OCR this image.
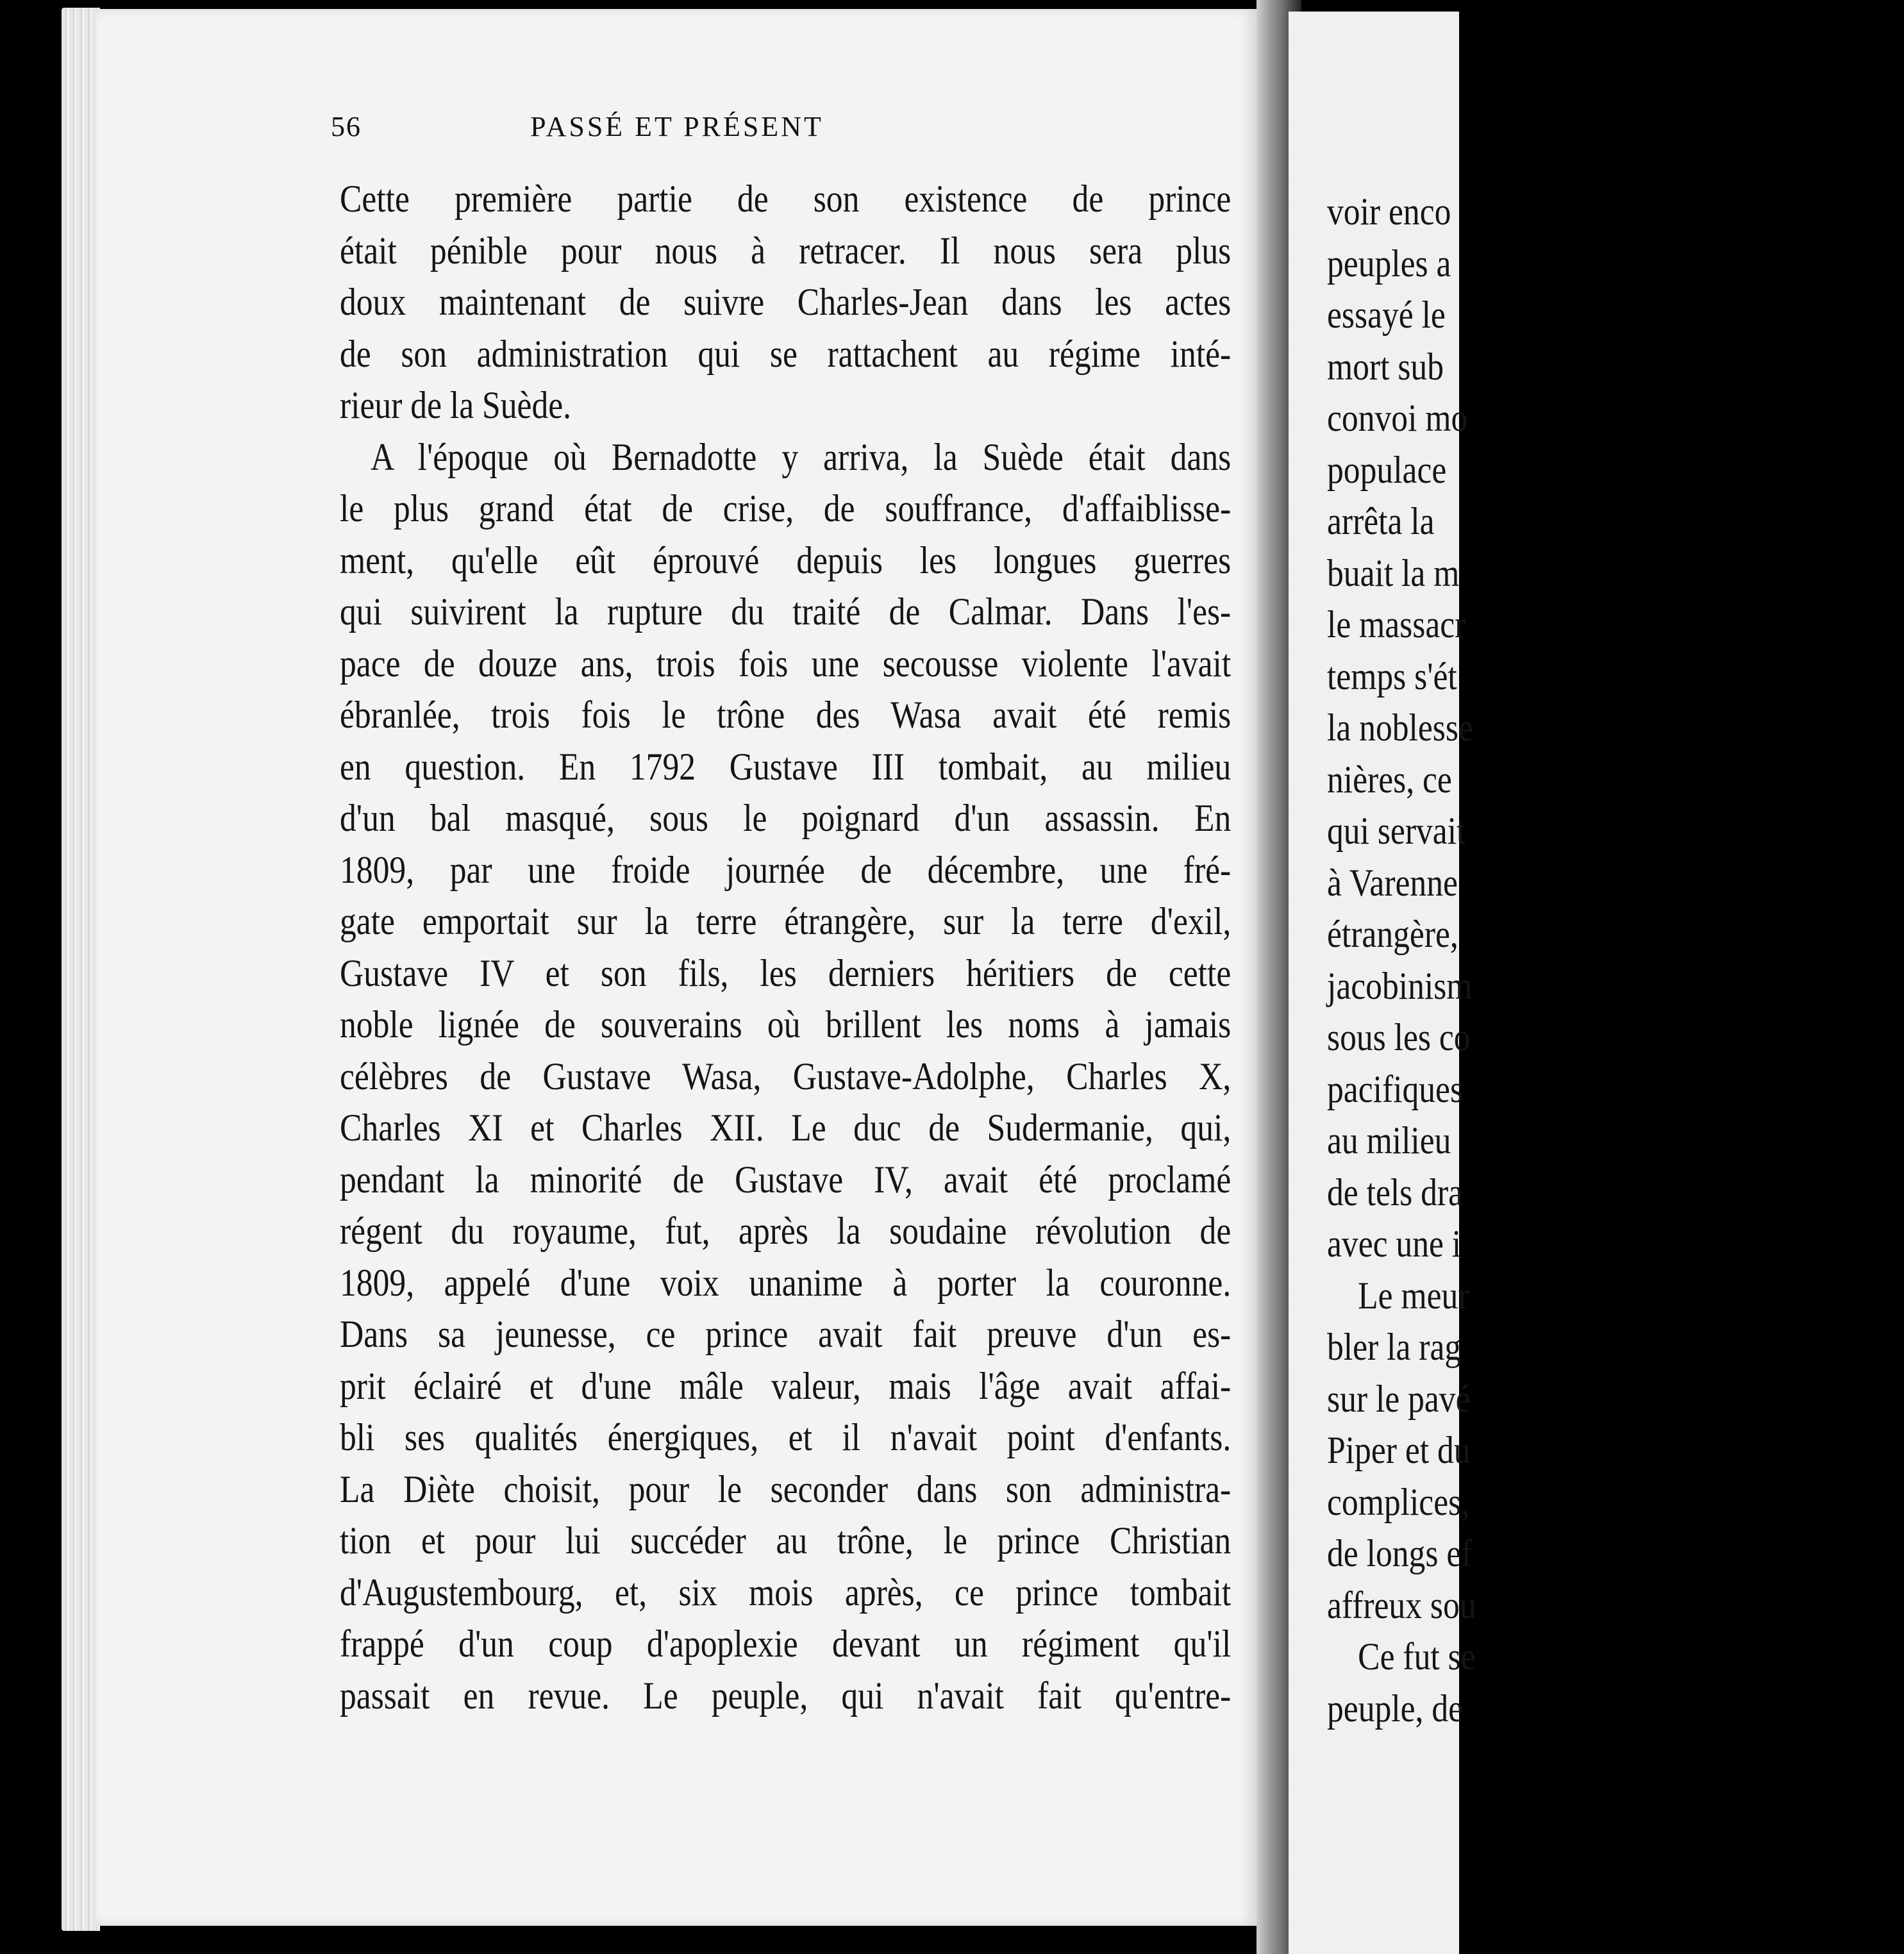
56	PASSÉ ET PRÉSENT
Cette première partie de son existence de prince
était pénible pour nous à retracer. Il nous sera plus
doux maintenant de suivre Charles-Jean dans les actes
de son administration qui se rattachent au régime inté-
rieur de la Suède.
A l'époque où Bernadotte y arriva, la Suède était dans
le plus grand état de crise, de souffrance, d'affaiblisse-
ment, qu'elle eût éprouvé depuis les longues guerres
qui suivirent la rupture du traité de Calmar. Dans l'es-
pace de douze ans, trois fois une secousse violente l'avait
ébranlée, trois fois le trône des Wasa avait été remis
en question. En 1792 Gustave III tombait, au milieu
d'un bal masqué, sous le poignard d'un assassin. En
1809, par une froide journée de décembre, une fré-
gate emportait sur la terre étrangère, sur la terre d'exil,
Gustave IV et son fils, les derniers héritiers de cette
noble lignée de souverains où brillent les noms à jamais
célèbres de Gustave Wasa, Gustave-Adolphe, Charles X,
Charles XI et Charles XII. Le duc de Sudermanie, qui,
pendant la minorité de Gustave IV, avait été proclamé
régent du royaume, fut, après la soudaine révolution de
1809, appelé d'une voix unanime à porter la couronne.
Dans sa jeunesse, ce prince avait fait preuve d'un es-
prit éclairé et d'une mâle valeur, mais l'âge avait affai-
bli ses qualités énergiques, et il n'avait point d'enfants.
La Diète choisit, pour le seconder dans son administra-
tion et pour lui succéder au trône, le prince Christian
d'Augustembourg, et, six mois après, ce prince tombait
frappé d'un coup d'apoplexie devant un régiment qu'il
passait en revue. Le peuple, qui n'avait fait qu'entre-
voir enco
peuples a
essayé le
mort sub
convoi mo
populace
arrêta la
buait la m
le massacr
temps s'ét
la noblesse
nières, ce
qui servait
à Varenne
étrangère,
jacobinism
sous les co
pacifiques
au milieu
de tels dra
avec une i
Le meur
bler la rag
sur le pavé
Piper et du
complices,
de longs ef
affreux sou
Ce fut se
peuple, de
